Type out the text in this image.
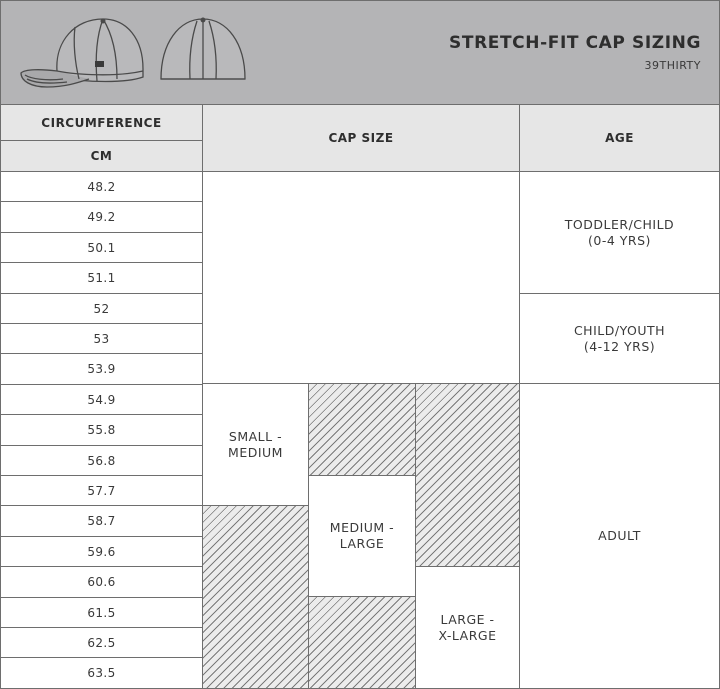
STRETCH-FIT CAP SIZING
39THIRTY
CIRCUMFERENCE
CM
CAP SIZE	AGE
48.2
49.2
50.1
51.1
52
53
53.9
54.9
55.8
56.8
57.7
58.7
59.6
60.6
61.5
62.5
63.5
SMALL -
MEDIUM
MEDIUM -
LARGE
LARGE -
X-LARGE
TODDLER/CHILD
(0-4 YRS)
CHILD/YOUTH
(4-12 YRS)
ADULT
